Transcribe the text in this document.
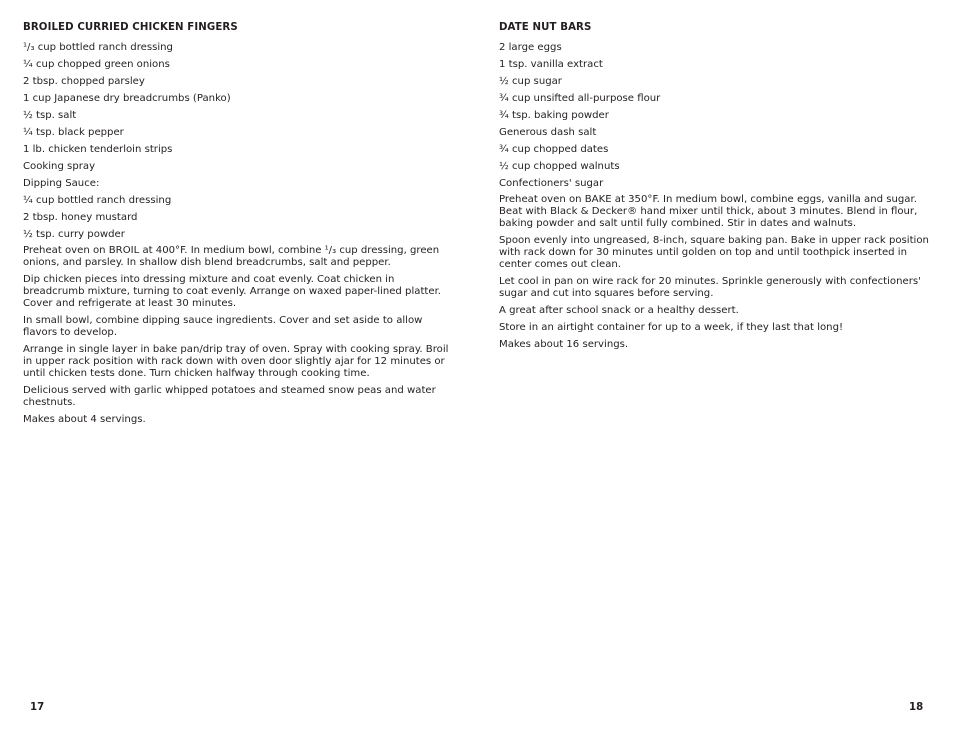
BROILED CURRIED CHICKEN FINGERS
¹/₃ cup bottled ranch dressing
¼ cup chopped green onions
2 tbsp. chopped parsley
1 cup Japanese dry breadcrumbs (Panko)
½ tsp. salt
¼ tsp. black pepper
1 lb. chicken tenderloin strips
Cooking spray
Dipping Sauce:
¼ cup bottled ranch dressing
2 tbsp. honey mustard
½ tsp. curry powder

Preheat oven on BROIL at 400°F. In medium bowl, combine ¹/₃ cup dressing, green onions, and parsley. In shallow dish blend breadcrumbs, salt and pepper.

Dip chicken pieces into dressing mixture and coat evenly. Coat chicken in breadcrumb mixture, turning to coat evenly. Arrange on waxed paper-lined platter. Cover and refrigerate at least 30 minutes.

In small bowl, combine dipping sauce ingredients. Cover and set aside to allow flavors to develop.

Arrange in single layer in bake pan/drip tray of oven. Spray with cooking spray. Broil in upper rack position with rack down with oven door slightly ajar for 12 minutes or until chicken tests done. Turn chicken halfway through cooking time.

Delicious served with garlic whipped potatoes and steamed snow peas and water chestnuts.

Makes about 4 servings.

DATE NUT BARS
2 large eggs
1 tsp. vanilla extract
½ cup sugar
¾ cup unsifted all-purpose flour
¾ tsp. baking powder
Generous dash salt
¾ cup chopped dates
½ cup chopped walnuts
Confectioners' sugar

Preheat oven on BAKE at 350°F. In medium bowl, combine eggs, vanilla and sugar. Beat with Black & Decker® hand mixer until thick, about 3 minutes. Blend in flour, baking powder and salt until fully combined. Stir in dates and walnuts.

Spoon evenly into ungreased, 8-inch, square baking pan. Bake in upper rack position with rack down for 30 minutes until golden on top and until toothpick inserted in center comes out clean.

Let cool in pan on wire rack for 20 minutes. Sprinkle generously with confectioners' sugar and cut into squares before serving.

A great after school snack or a healthy dessert.

Store in an airtight container for up to a week, if they last that long!

Makes about 16 servings.

17	18
